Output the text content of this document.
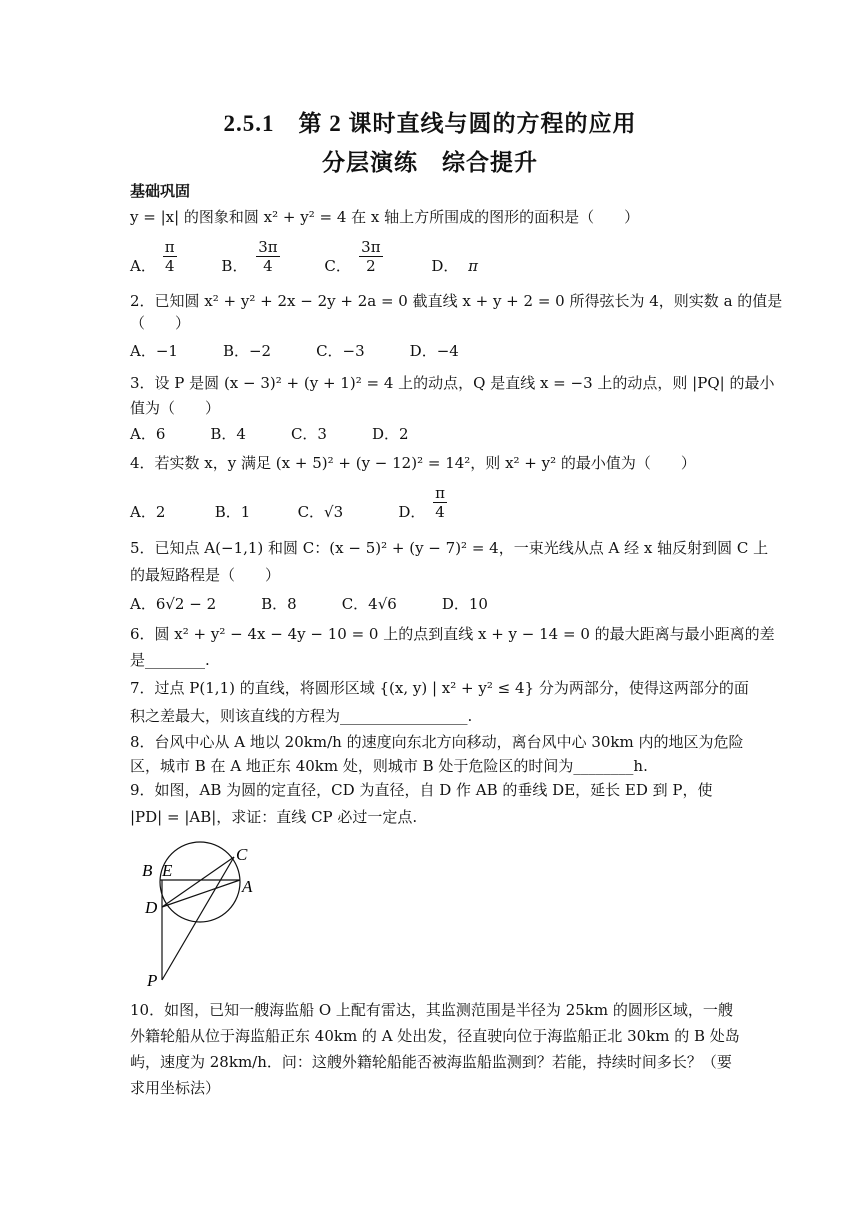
2.5.1　第 2 课时直线与圆的方程的应用
分层演练　综合提升
基础巩固
y = |x| 的图象和圆 x² + y² = 4 在 x 轴上方所围成的图形的面积是（　　）
A． $\frac{\pi}{4}$	B． $\frac{3\pi}{4}$	C． $\frac{3\pi}{2}$	D． π
2．已知圆 x² + y² + 2x − 2y + 2a = 0 截直线 x + y + 2 = 0 所得弦长为 4，则实数 a 的值是
（　　）
A．−1　　　B．−2　　　C．−3　　　D．−4
3．设 P 是圆 (x − 3)² + (y + 1)² = 4 上的动点，Q 是直线 x = −3 上的动点，则 |PQ| 的最小
值为（　　）
A．6　　　B．4　　　C．3　　　D．2
4．若实数 x，y 满足 (x + 5)² + (y − 12)² = 14²，则 x² + y² 的最小值为（　　）
A．2	B．1	C．√3	D． $\frac{\pi}{4}$
5．已知点 A(−1,1) 和圆 C：(x − 5)² + (y − 7)² = 4，一束光线从点 A 经 x 轴反射到圆 C 上
的最短路程是（　　）
A．6√2 − 2　　　B．8　　　C．4√6　　　D．10
6．圆 x² + y² − 4x − 4y − 10 = 0 上的点到直线 x + y − 14 = 0 的最大距离与最小距离的差
是________.
7．过点 P(1,1) 的直线，将圆形区域 {(x, y) | x² + y² ≤ 4} 分为两部分，使得这两部分的面
积之差最大，则该直线的方程为_________________.
8．台风中心从 A 地以 20km/h 的速度向东北方向移动，离台风中心 30km 内的地区为危险
区，城市 B 在 A 地正东 40km 处，则城市 B 处于危险区的时间为________h.
9．如图，AB 为圆的定直径，CD 为直径，自 D 作 AB 的垂线 DE，延长 ED 到 P，使
|PD| = |AB|，求证：直线 CP 必过一定点.
B E
C
A
D
P
10．如图，已知一艘海监船 O 上配有雷达，其监测范围是半径为 25km 的圆形区域，一艘
外籍轮船从位于海监船正东 40km 的 A 处出发，径直驶向位于海监船正北 30km 的 B 处岛
屿，速度为 28km/h．问：这艘外籍轮船能否被海监船监测到？若能，持续时间多长？（要
求用坐标法）
